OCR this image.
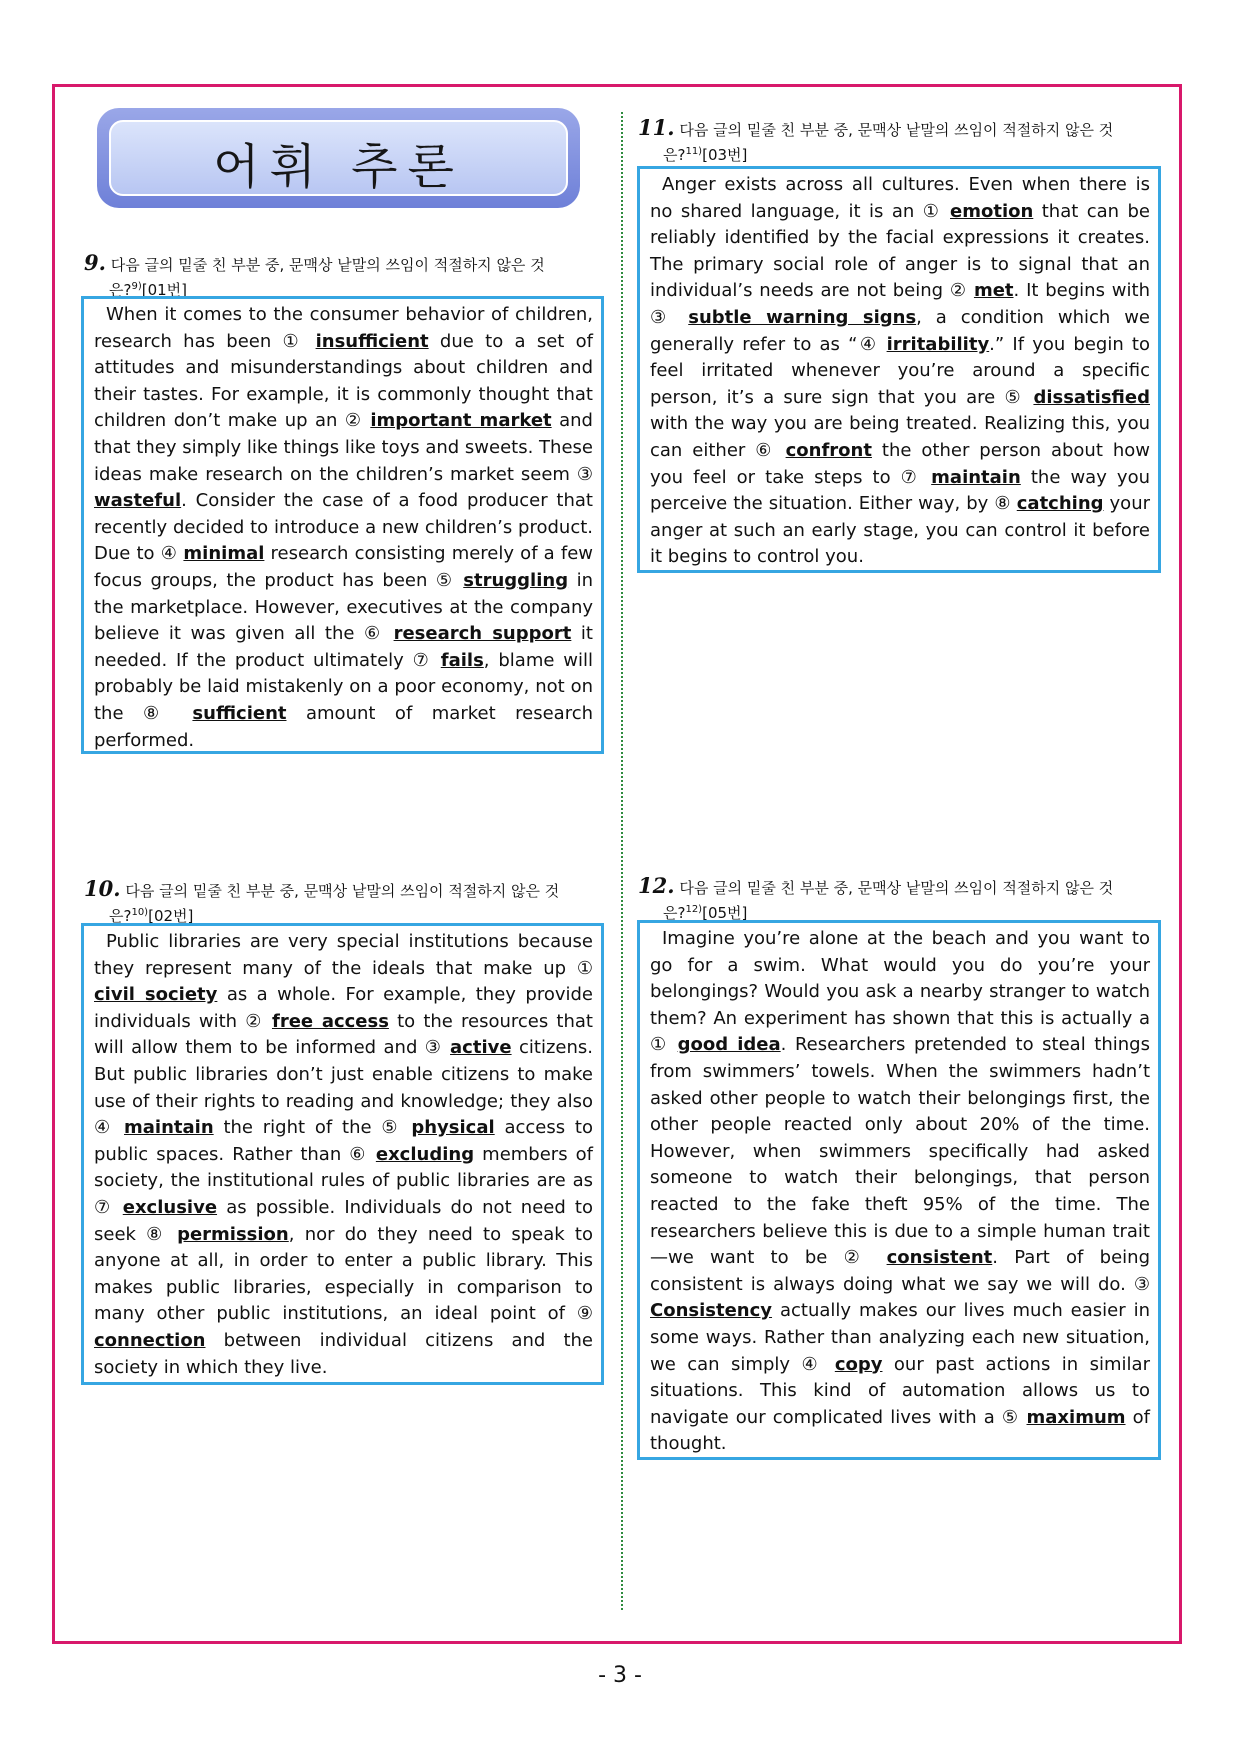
어휘 추론
9. 다음 글의 밑줄 친 부분 중, 문맥상 낱말의 쓰임이 적절하지 않은 것
은?$^{9)}$[01번]
When it comes to the consumer behavior of children, research has been ① insufficient due to a set of attitudes and misunderstandings about children and their tastes. For example, it is commonly thought that children don’t make up an ② important market and that they simply like things like toys and sweets. These ideas make research on the children’s market seem ③ wasteful. Consider the case of a food producer that recently decided to introduce a new children’s product. Due to ④ minimal research consisting merely of a few focus groups, the product has been ⑤ struggling in the marketplace. However, executives at the company believe it was given all the ⑥ research support it needed. If the product ultimately ⑦ fails, blame will probably be laid mistakenly on a poor economy, not on the ⑧ sufficient amount of market research performed.
10. 다음 글의 밑줄 친 부분 중, 문맥상 낱말의 쓰임이 적절하지 않은 것
은?$^{10)}$[02번]
Public libraries are very special institutions because they represent many of the ideals that make up ① civil society as a whole. For example, they provide individuals with ② free access to the resources that will allow them to be informed and ③ active citizens. But public libraries don’t just enable citizens to make use of their rights to reading and knowledge; they also ④ maintain the right of the ⑤ physical access to public spaces. Rather than ⑥ excluding members of society, the institutional rules of public libraries are as ⑦ exclusive as possible. Individuals do not need to seek ⑧ permission, nor do they need to speak to anyone at all, in order to enter a public library. This makes public libraries, especially in comparison to many other public institutions, an ideal point of ⑨ connection between individual citizens and the society in which they live.
11. 다음 글의 밑줄 친 부분 중, 문맥상 낱말의 쓰임이 적절하지 않은 것
은?$^{11)}$[03번]
Anger exists across all cultures. Even when there is no shared language, it is an ① emotion that can be reliably identified by the facial expressions it creates. The primary social role of anger is to signal that an individual’s needs are not being ② met. It begins with ③ subtle warning signs, a condition which we generally refer to as “④ irritability.” If you begin to feel irritated whenever you’re around a specific person, it’s a sure sign that you are ⑤ dissatisfied with the way you are being treated. Realizing this, you can either ⑥ confront the other person about how you feel or take steps to ⑦ maintain the way you perceive the situation. Either way, by ⑧ catching your anger at such an early stage, you can control it before it begins to control you.
12. 다음 글의 밑줄 친 부분 중, 문맥상 낱말의 쓰임이 적절하지 않은 것
은?$^{12)}$[05번]
Imagine you’re alone at the beach and you want to go for a swim. What would you do you’re your belongings? Would you ask a nearby stranger to watch them? An experiment has shown that this is actually a ① good idea. Researchers pretended to steal things from swimmers’ towels. When the swimmers hadn’t asked other people to watch their belongings first, the other people reacted only about 20% of the time. However, when swimmers specifically had asked someone to watch their belongings, that person reacted to the fake theft 95% of the time. The researchers believe this is due to a simple human trait—we want to be ② consistent. Part of being consistent is always doing what we say we will do. ③ Consistency actually makes our lives much easier in some ways. Rather than analyzing each new situation, we can simply ④ copy our past actions in similar situations. This kind of automation allows us to navigate our complicated lives with a ⑤ maximum of thought.
- 3 -
